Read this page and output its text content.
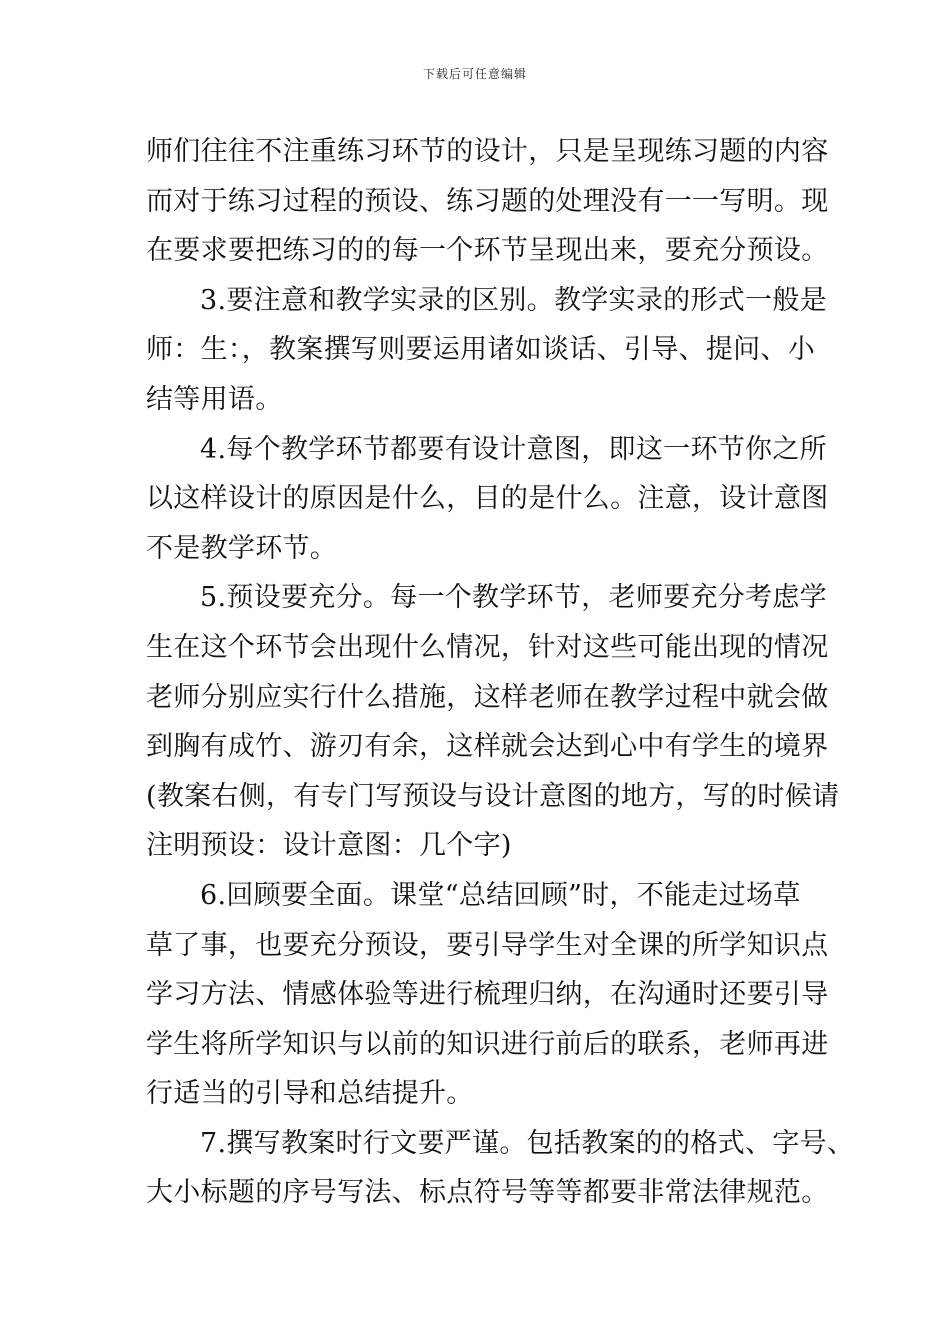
下载后可任意编辑
师们往往不注重练习环节的设计，只是呈现练习题的内容
而对于练习过程的预设、练习题的处理没有一一写明。现
在要求要把练习的的每一个环节呈现出来，要充分预设。
3.要注意和教学实录的区别。教学实录的形式一般是
师：生：，教案撰写则要运用诸如谈话、引导、提问、小
结等用语。
4.每个教学环节都要有设计意图，即这一环节你之所
以这样设计的原因是什么，目的是什么。注意，设计意图
不是教学环节。
5.预设要充分。每一个教学环节，老师要充分考虑学
生在这个环节会出现什么情况，针对这些可能出现的情况
老师分别应实行什么措施，这样老师在教学过程中就会做
到胸有成竹、游刃有余，这样就会达到心中有学生的境界
(教案右侧，有专门写预设与设计意图的地方，写的时候请
注明预设：设计意图：几个字)
6.回顾要全面。课堂“总结回顾”时，不能走过场草
草了事，也要充分预设，要引导学生对全课的所学知识点
学习方法、情感体验等进行梳理归纳，在沟通时还要引导
学生将所学知识与以前的知识进行前后的联系，老师再进
行适当的引导和总结提升。
7.撰写教案时行文要严谨。包括教案的的格式、字号、
大小标题的序号写法、标点符号等等都要非常法律规范。
